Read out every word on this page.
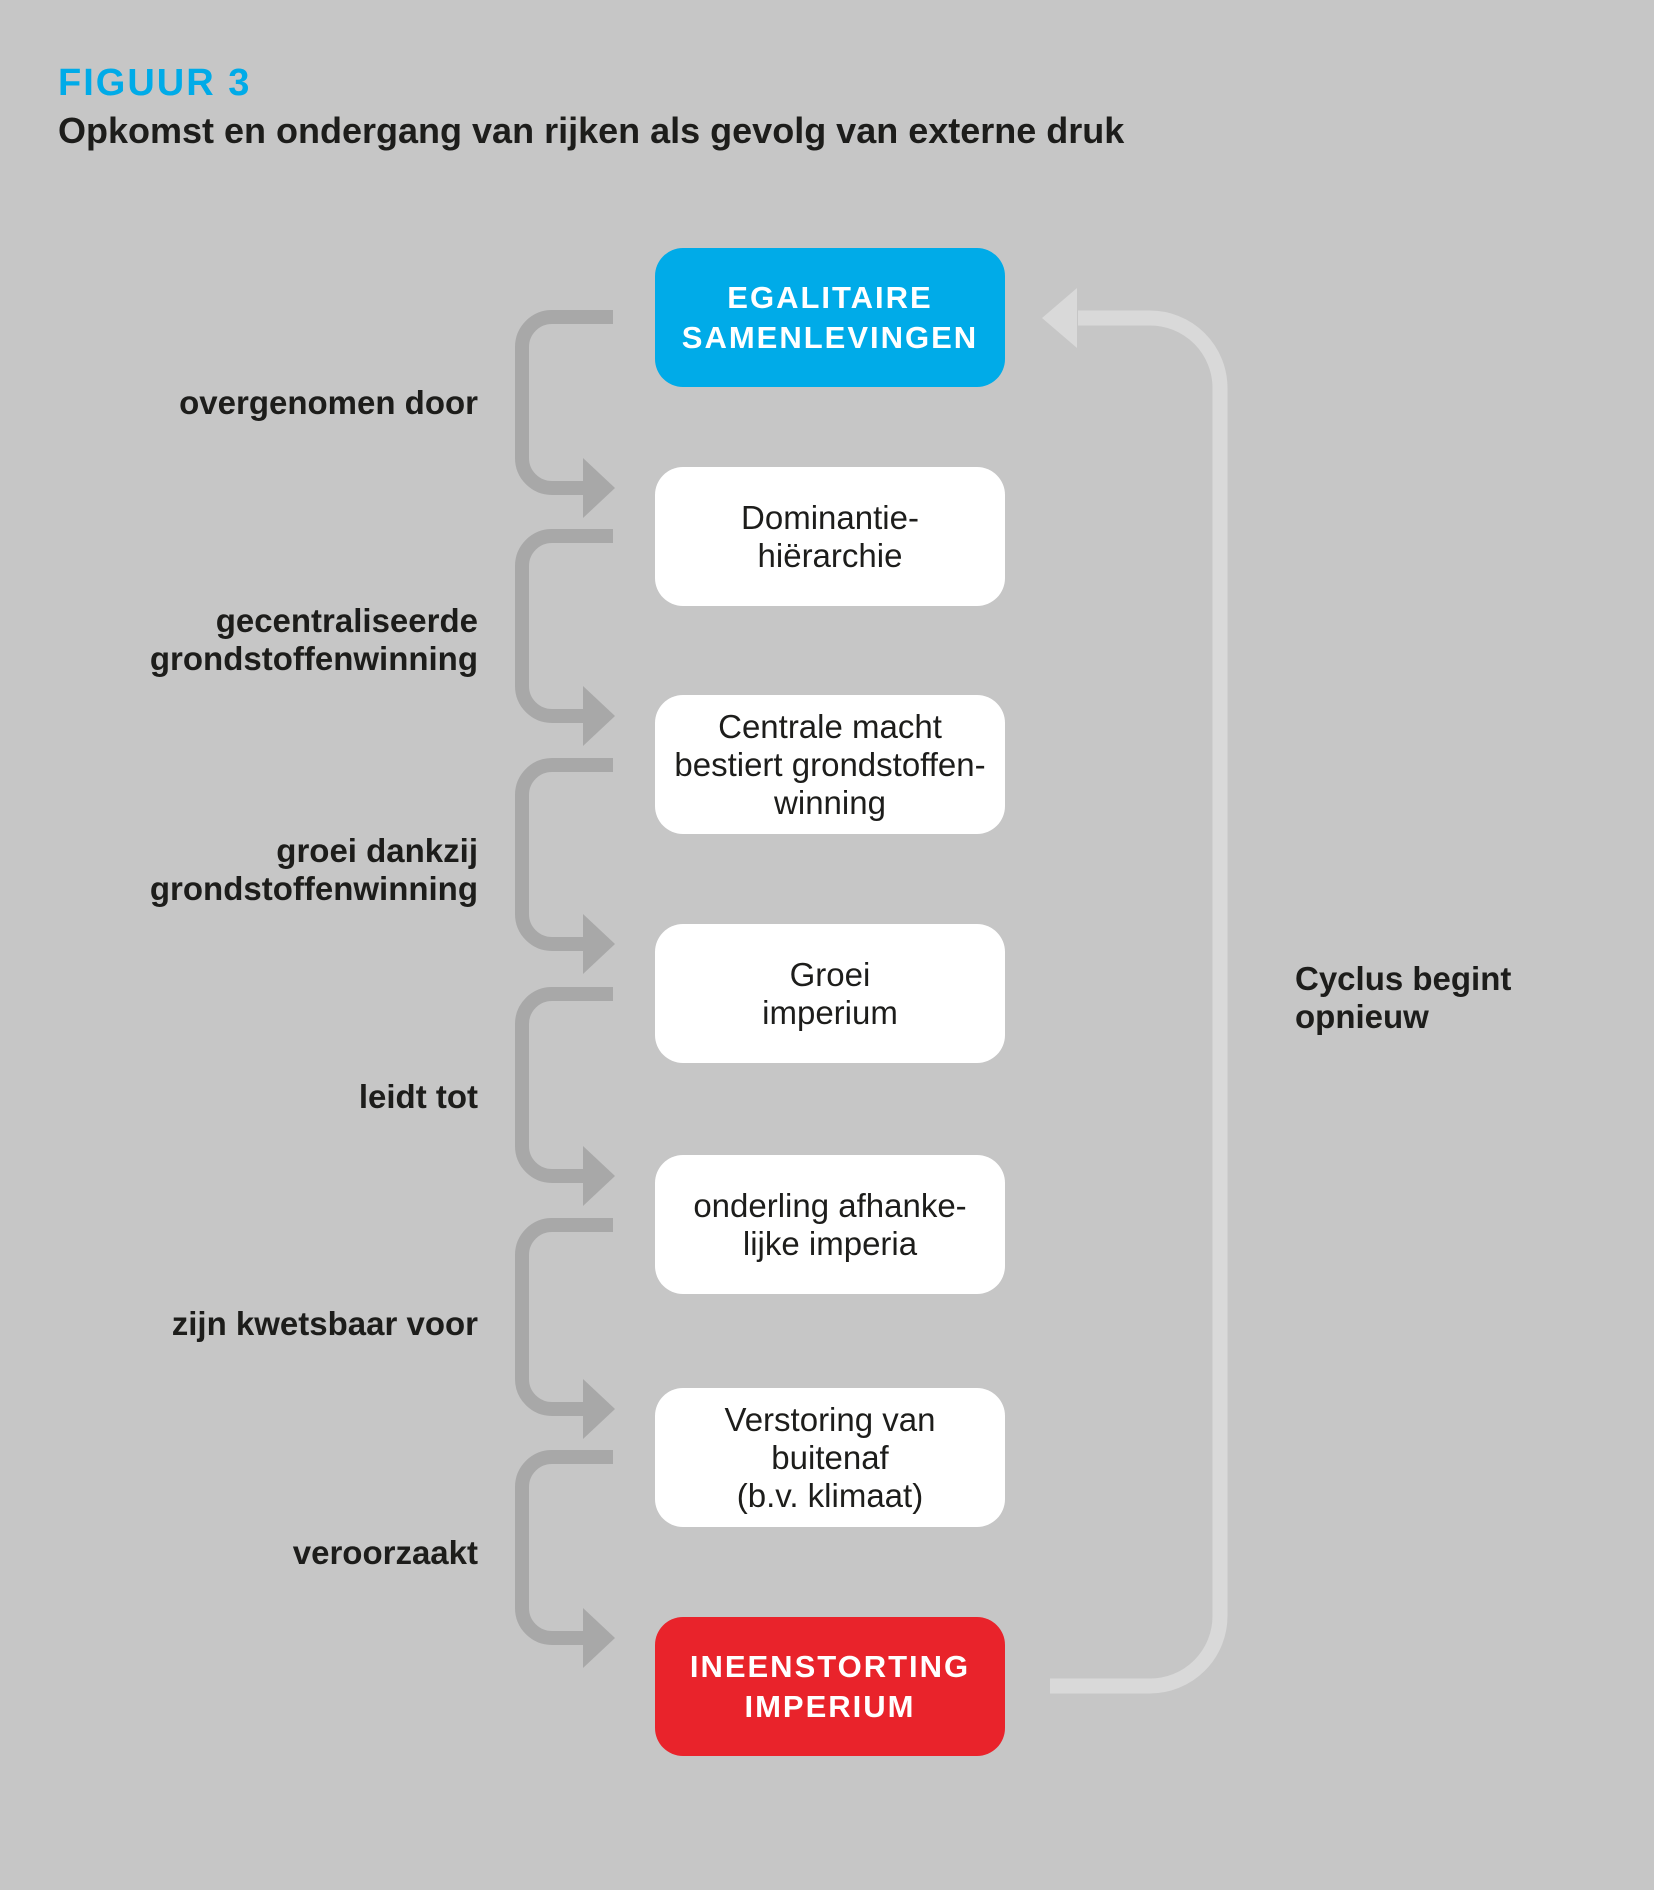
FIGUUR 3
Opkomst en ondergang van rijken als gevolg van externe druk
EGALITAIRE
SAMENLEVINGEN
Dominantie-
hiërarchie
Centrale macht
bestiert grondstoffen-
winning
Groei
imperium
onderling afhanke-
lijke imperia
Verstoring van
buitenaf
(b.v. klimaat)
INEENSTORTING
IMPERIUM
overgenomen door
gecentraliseerde
grondstoffenwinning
groei dankzij
grondstoffenwinning
leidt tot
zijn kwetsbaar voor
veroorzaakt
Cyclus begint
opnieuw
